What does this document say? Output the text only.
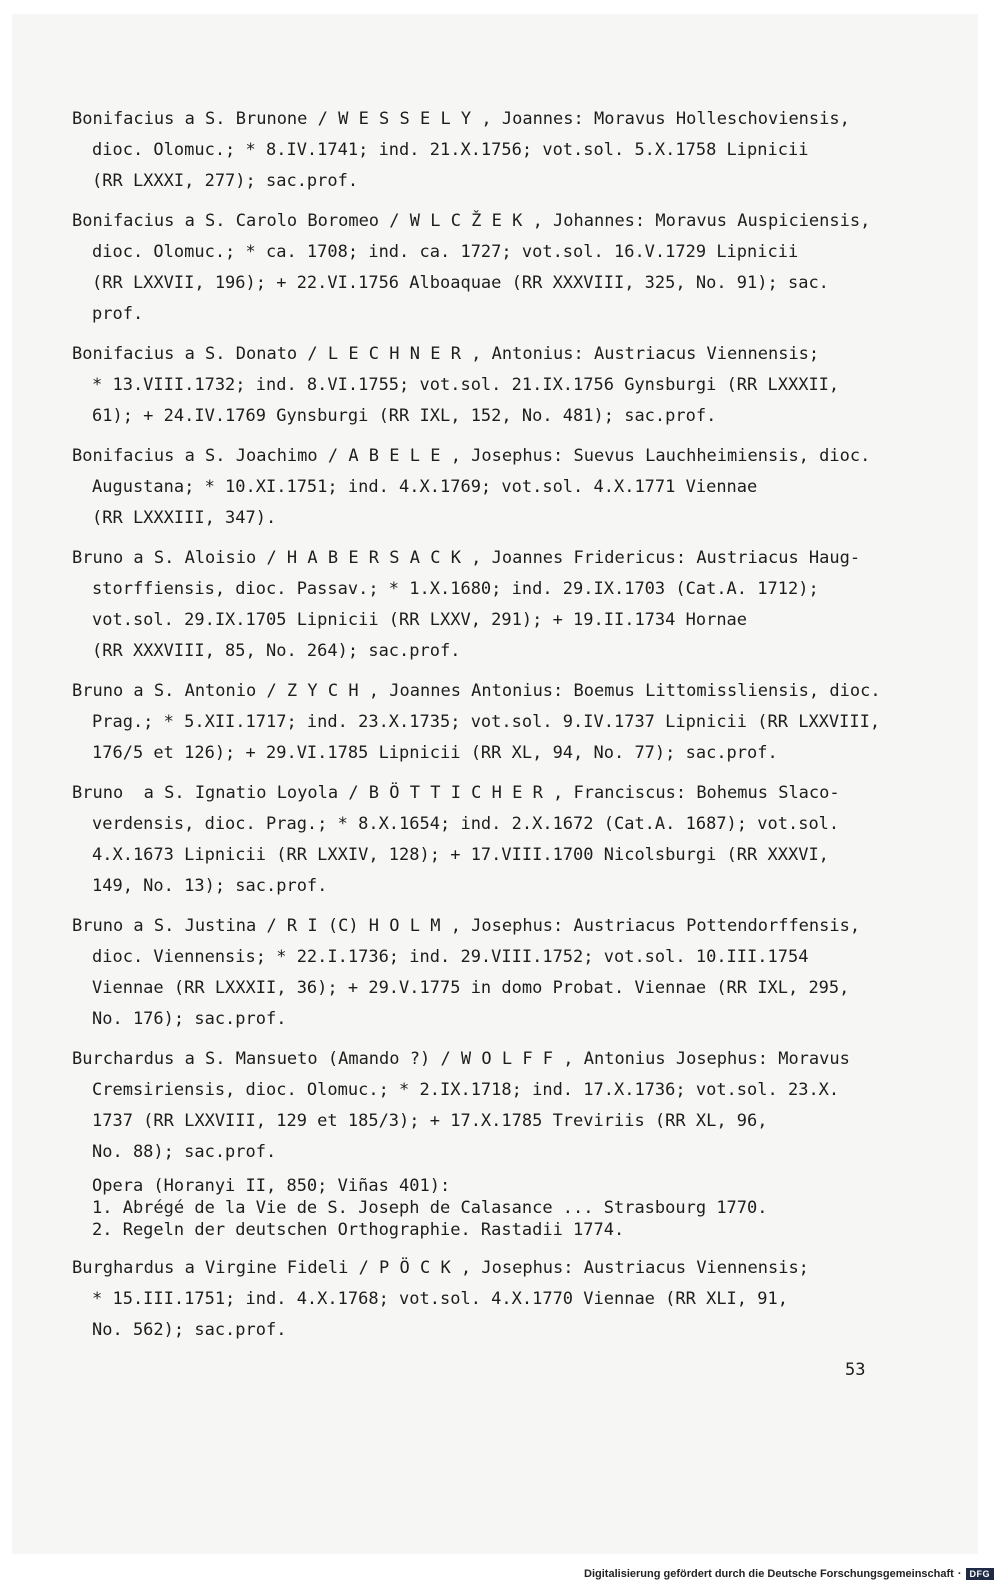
Bonifacius a S. Brunone / W E S S E L Y , Joannes: Moravus Holleschoviensis,
dioc. Olomuc.; * 8.IV.1741; ind. 21.X.1756; vot.sol. 5.X.1758 Lipnicii
(RR LXXXI, 277); sac.prof.
Bonifacius a S. Carolo Boromeo / W L C Ž E K , Johannes: Moravus Auspiciensis,
dioc. Olomuc.; * ca. 1708; ind. ca. 1727; vot.sol. 16.V.1729 Lipnicii
(RR LXXVII, 196); + 22.VI.1756 Alboaquae (RR XXXVIII, 325, No. 91); sac.
prof.
Bonifacius a S. Donato / L E C H N E R , Antonius: Austriacus Viennensis;
* 13.VIII.1732; ind. 8.VI.1755; vot.sol. 21.IX.1756 Gynsburgi (RR LXXXII,
61); + 24.IV.1769 Gynsburgi (RR IXL, 152, No. 481); sac.prof.
Bonifacius a S. Joachimo / A B E L E , Josephus: Suevus Lauchheimiensis, dioc.
Augustana; * 10.XI.1751; ind. 4.X.1769; vot.sol. 4.X.1771 Viennae
(RR LXXXIII, 347).
Bruno a S. Aloisio / H A B E R S A C K , Joannes Fridericus: Austriacus Haug-
storffiensis, dioc. Passav.; * 1.X.1680; ind. 29.IX.1703 (Cat.A. 1712);
vot.sol. 29.IX.1705 Lipnicii (RR LXXV, 291); + 19.II.1734 Hornae
(RR XXXVIII, 85, No. 264); sac.prof.
Bruno a S. Antonio / Z Y C H , Joannes Antonius: Boemus Littomissliensis, dioc.
Prag.; * 5.XII.1717; ind. 23.X.1735; vot.sol. 9.IV.1737 Lipnicii (RR LXXVIII,
176/5 et 126); + 29.VI.1785 Lipnicii (RR XL, 94, No. 77); sac.prof.
Bruno  a S. Ignatio Loyola / B Ö T T I C H E R , Franciscus: Bohemus Slaco-
verdensis, dioc. Prag.; * 8.X.1654; ind. 2.X.1672 (Cat.A. 1687); vot.sol.
4.X.1673 Lipnicii (RR LXXIV, 128); + 17.VIII.1700 Nicolsburgi (RR XXXVI,
149, No. 13); sac.prof.
Bruno a S. Justina / R I (C) H O L M , Josephus: Austriacus Pottendorffensis,
dioc. Viennensis; * 22.I.1736; ind. 29.VIII.1752; vot.sol. 10.III.1754
Viennae (RR LXXXII, 36); + 29.V.1775 in domo Probat. Viennae (RR IXL, 295,
No. 176); sac.prof.
Burchardus a S. Mansueto (Amando ?) / W O L F F , Antonius Josephus: Moravus
Cremsiriensis, dioc. Olomuc.; * 2.IX.1718; ind. 17.X.1736; vot.sol. 23.X.
1737 (RR LXXVIII, 129 et 185/3); + 17.X.1785 Treviriis (RR XL, 96,
No. 88); sac.prof.
Opera (Horanyi II, 850; Viñas 401):
1. Abrégé de la Vie de S. Joseph de Calasance ... Strasbourg 1770.
2. Regeln der deutschen Orthographie. Rastadii 1774.
Burghardus a Virgine Fideli / P Ö C K , Josephus: Austriacus Viennensis;
* 15.III.1751; ind. 4.X.1768; vot.sol. 4.X.1770 Viennae (RR XLI, 91,
No. 562); sac.prof.
53
Digitalisierung gefördert durch die Deutsche Forschungsgemeinschaft · DFG
